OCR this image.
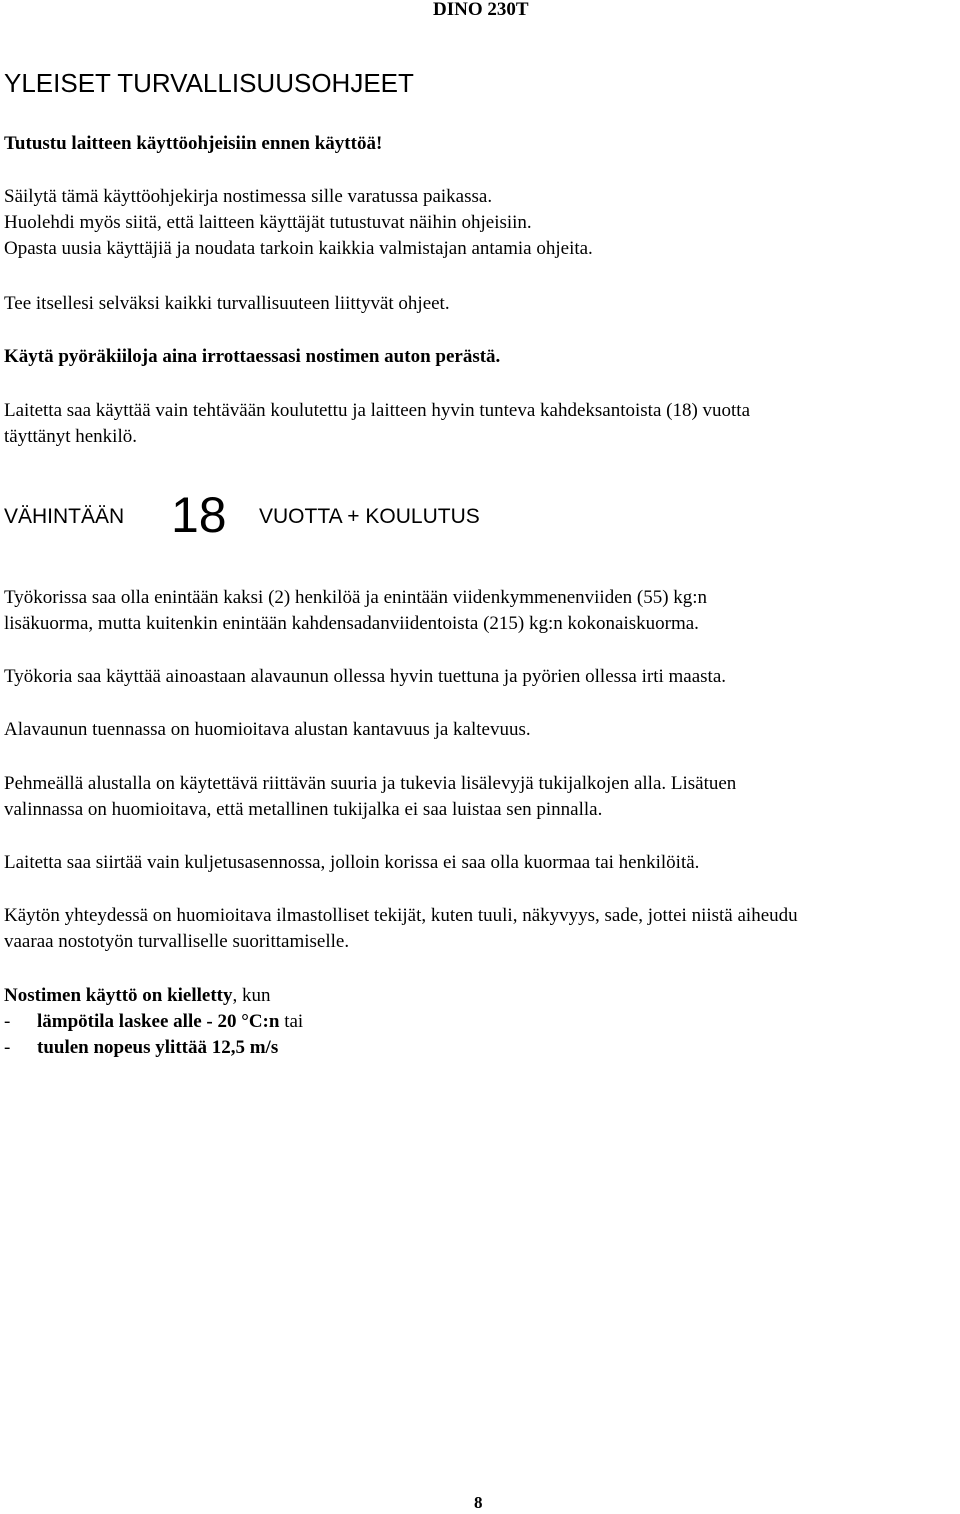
DINO 230T
YLEISET TURVALLISUUSOHJEET

Tutustu laitteen käyttöohjeisiin ennen käyttöä!

Säilytä tämä käyttöohjekirja nostimessa sille varatussa paikassa.
Huolehdi myös siitä, että laitteen käyttäjät tutustuvat näihin ohjeisiin.
Opasta uusia käyttäjiä ja noudata tarkoin kaikkia valmistajan antamia ohjeita.

Tee itsellesi selväksi kaikki turvallisuuteen liittyvät ohjeet.

Käytä pyöräkiiloja aina irrottaessasi nostimen auton perästä.

Laitetta saa käyttää vain tehtävään koulutettu ja laitteen hyvin tunteva kahdeksantoista (18) vuotta
täyttänyt henkilö.
VÄHINTÄÄN 18 VUOTTA + KOULUTUS
Työkorissa saa olla enintään kaksi (2) henkilöä ja enintään viidenkymmenenviiden (55) kg:n
lisäkuorma, mutta kuitenkin enintään kahdensadanviidentoista (215) kg:n kokonaiskuorma.

Työkoria saa käyttää ainoastaan alavaunun ollessa hyvin tuettuna ja pyörien ollessa irti maasta.

Alavaunun tuennassa on huomioitava alustan kantavuus ja kaltevuus.

Pehmeällä alustalla on käytettävä riittävän suuria ja tukevia lisälevyjä tukijalkojen alla. Lisätuen
valinnassa on huomioitava, että metallinen tukijalka ei saa luistaa sen pinnalla.

Laitetta saa siirtää vain kuljetusasennossa, jolloin korissa ei saa olla kuormaa tai henkilöitä.

Käytön yhteydessä on huomioitava ilmastolliset tekijät, kuten tuuli, näkyvyys, sade, jottei niistä aiheudu
vaaraa nostotyön turvalliselle suorittamiselle.
Nostimen käyttö on kielletty, kun
- lämpötila laskee alle - 20 °C:n tai
- tuulen nopeus ylittää 12,5 m/s
8
